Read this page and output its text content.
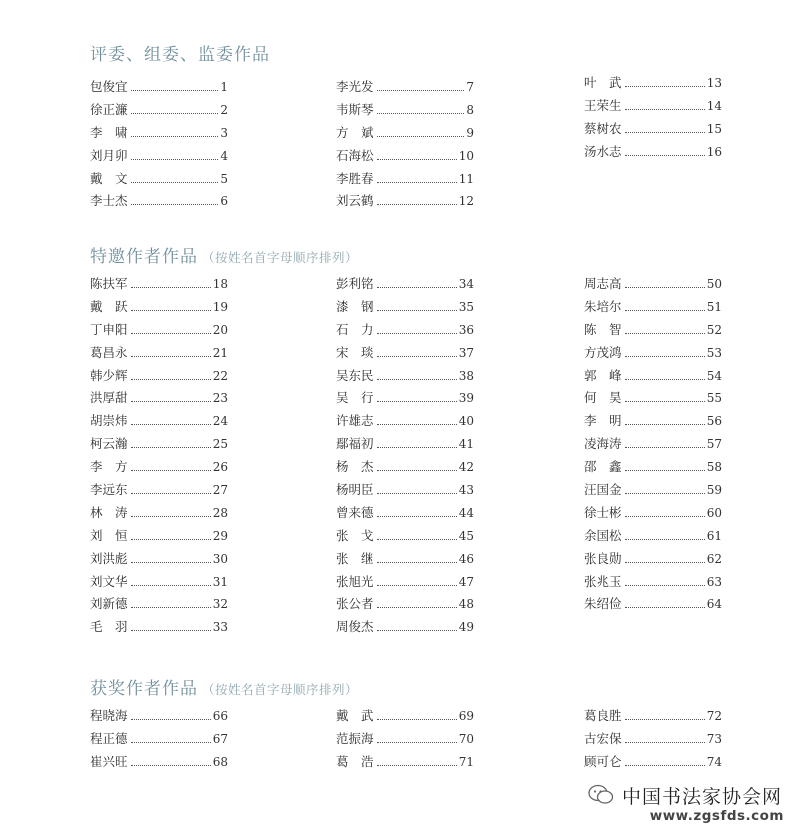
评委、组委、监委作品
包俊宜	1
徐正濂	2
李　啸	3
刘月卯	4
戴　文	5
李士杰	6
李光发	7
韦斯琴	8
方　斌	9
石海松	10
李胜春	11
刘云鹤	12
叶　武	13
王荣生	14
蔡树农	15
汤水志	16
特邀作者作品 （按姓名首字母顺序排列）
陈扶军	18
戴　跃	19
丁申阳	20
葛昌永	21
韩少辉	22
洪厚甜	23
胡崇炜	24
柯云瀚	25
李　方	26
李远东	27
林　涛	28
刘　恒	29
刘洪彪	30
刘文华	31
刘新德	32
毛　羽	33
彭利铭	34
漆　钢	35
石　力	36
宋　琰	37
吴东民	38
吴　行	39
许雄志	40
鄢福初	41
杨　杰	42
杨明臣	43
曾来德	44
张　戈	45
张　继	46
张旭光	47
张公者	48
周俊杰	49
周志高	50
朱培尔	51
陈　智	52
方茂鸿	53
郭　峰	54
何　昊	55
李　明	56
凌海涛	57
邵　鑫	58
汪国金	59
徐士彬	60
余国松	61
张良勋	62
张兆玉	63
朱绍俭	64
获奖作者作品 （按姓名首字母顺序排列）
程晓海	66
程正德	67
崔兴旺	68
戴　武	69
范振海	70
葛　浩	71
葛良胜	72
古宏保	73
顾可仑	74
中国书法家协会网
www.zgsfds.com
